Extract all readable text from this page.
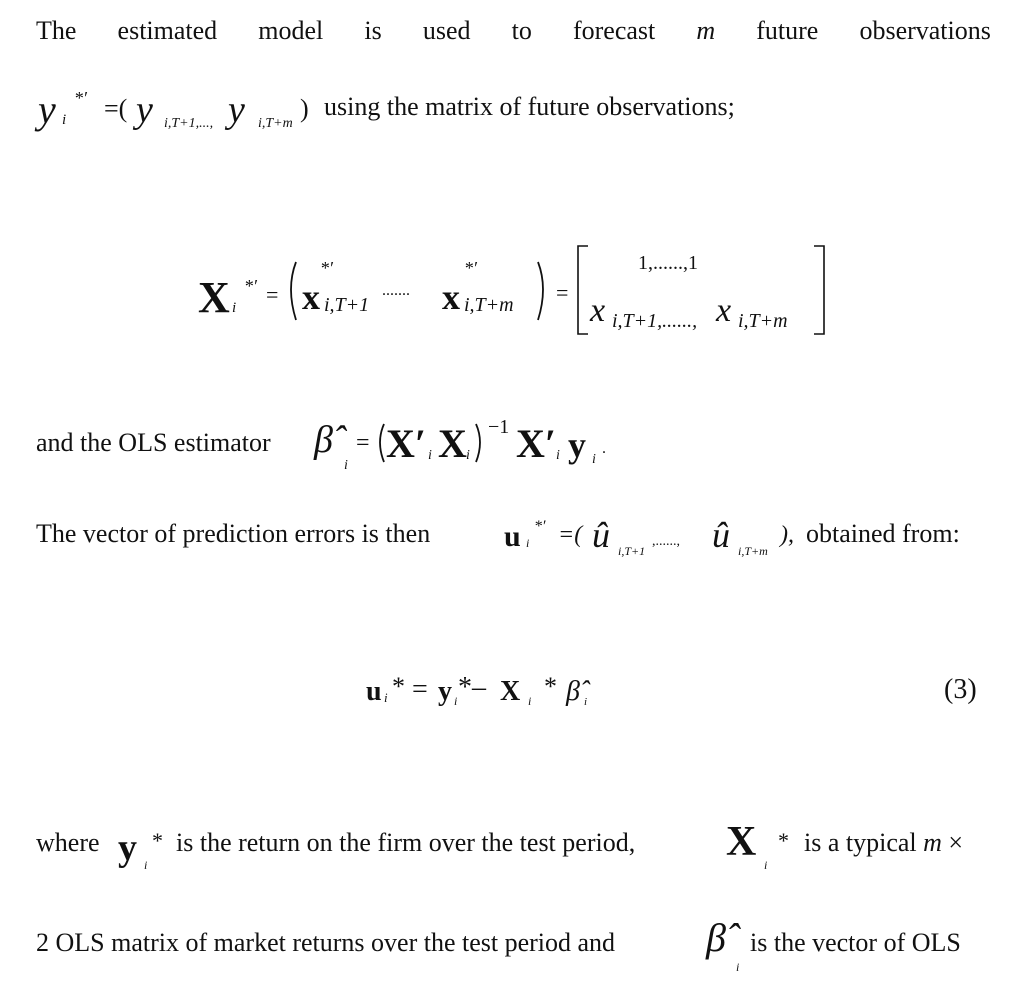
The estimated model is used to forecast m future observations
y i
*′ =( y i,T+1,..., y i,T+m
) using the matrix of future observations;
X i
*′ =
*′
x i,T+1
.......
*′
x i,T+m =
1,......,1
x i,T+1,......, x i,T+m
and the OLS estimator β̂
i
= X′ i X i
−1 X′ i y i
.
The vector of prediction errors is then u i
*′ =( û i,T+1
,......, û i,T+m
), obtained from:
u i * = y i *– X i * β̂ i	(3)
where y i
* is the return on the firm over the test period, X i
* is a typical m ×
2 OLS matrix of market returns over the test period and β̂
i
is the vector of OLS
